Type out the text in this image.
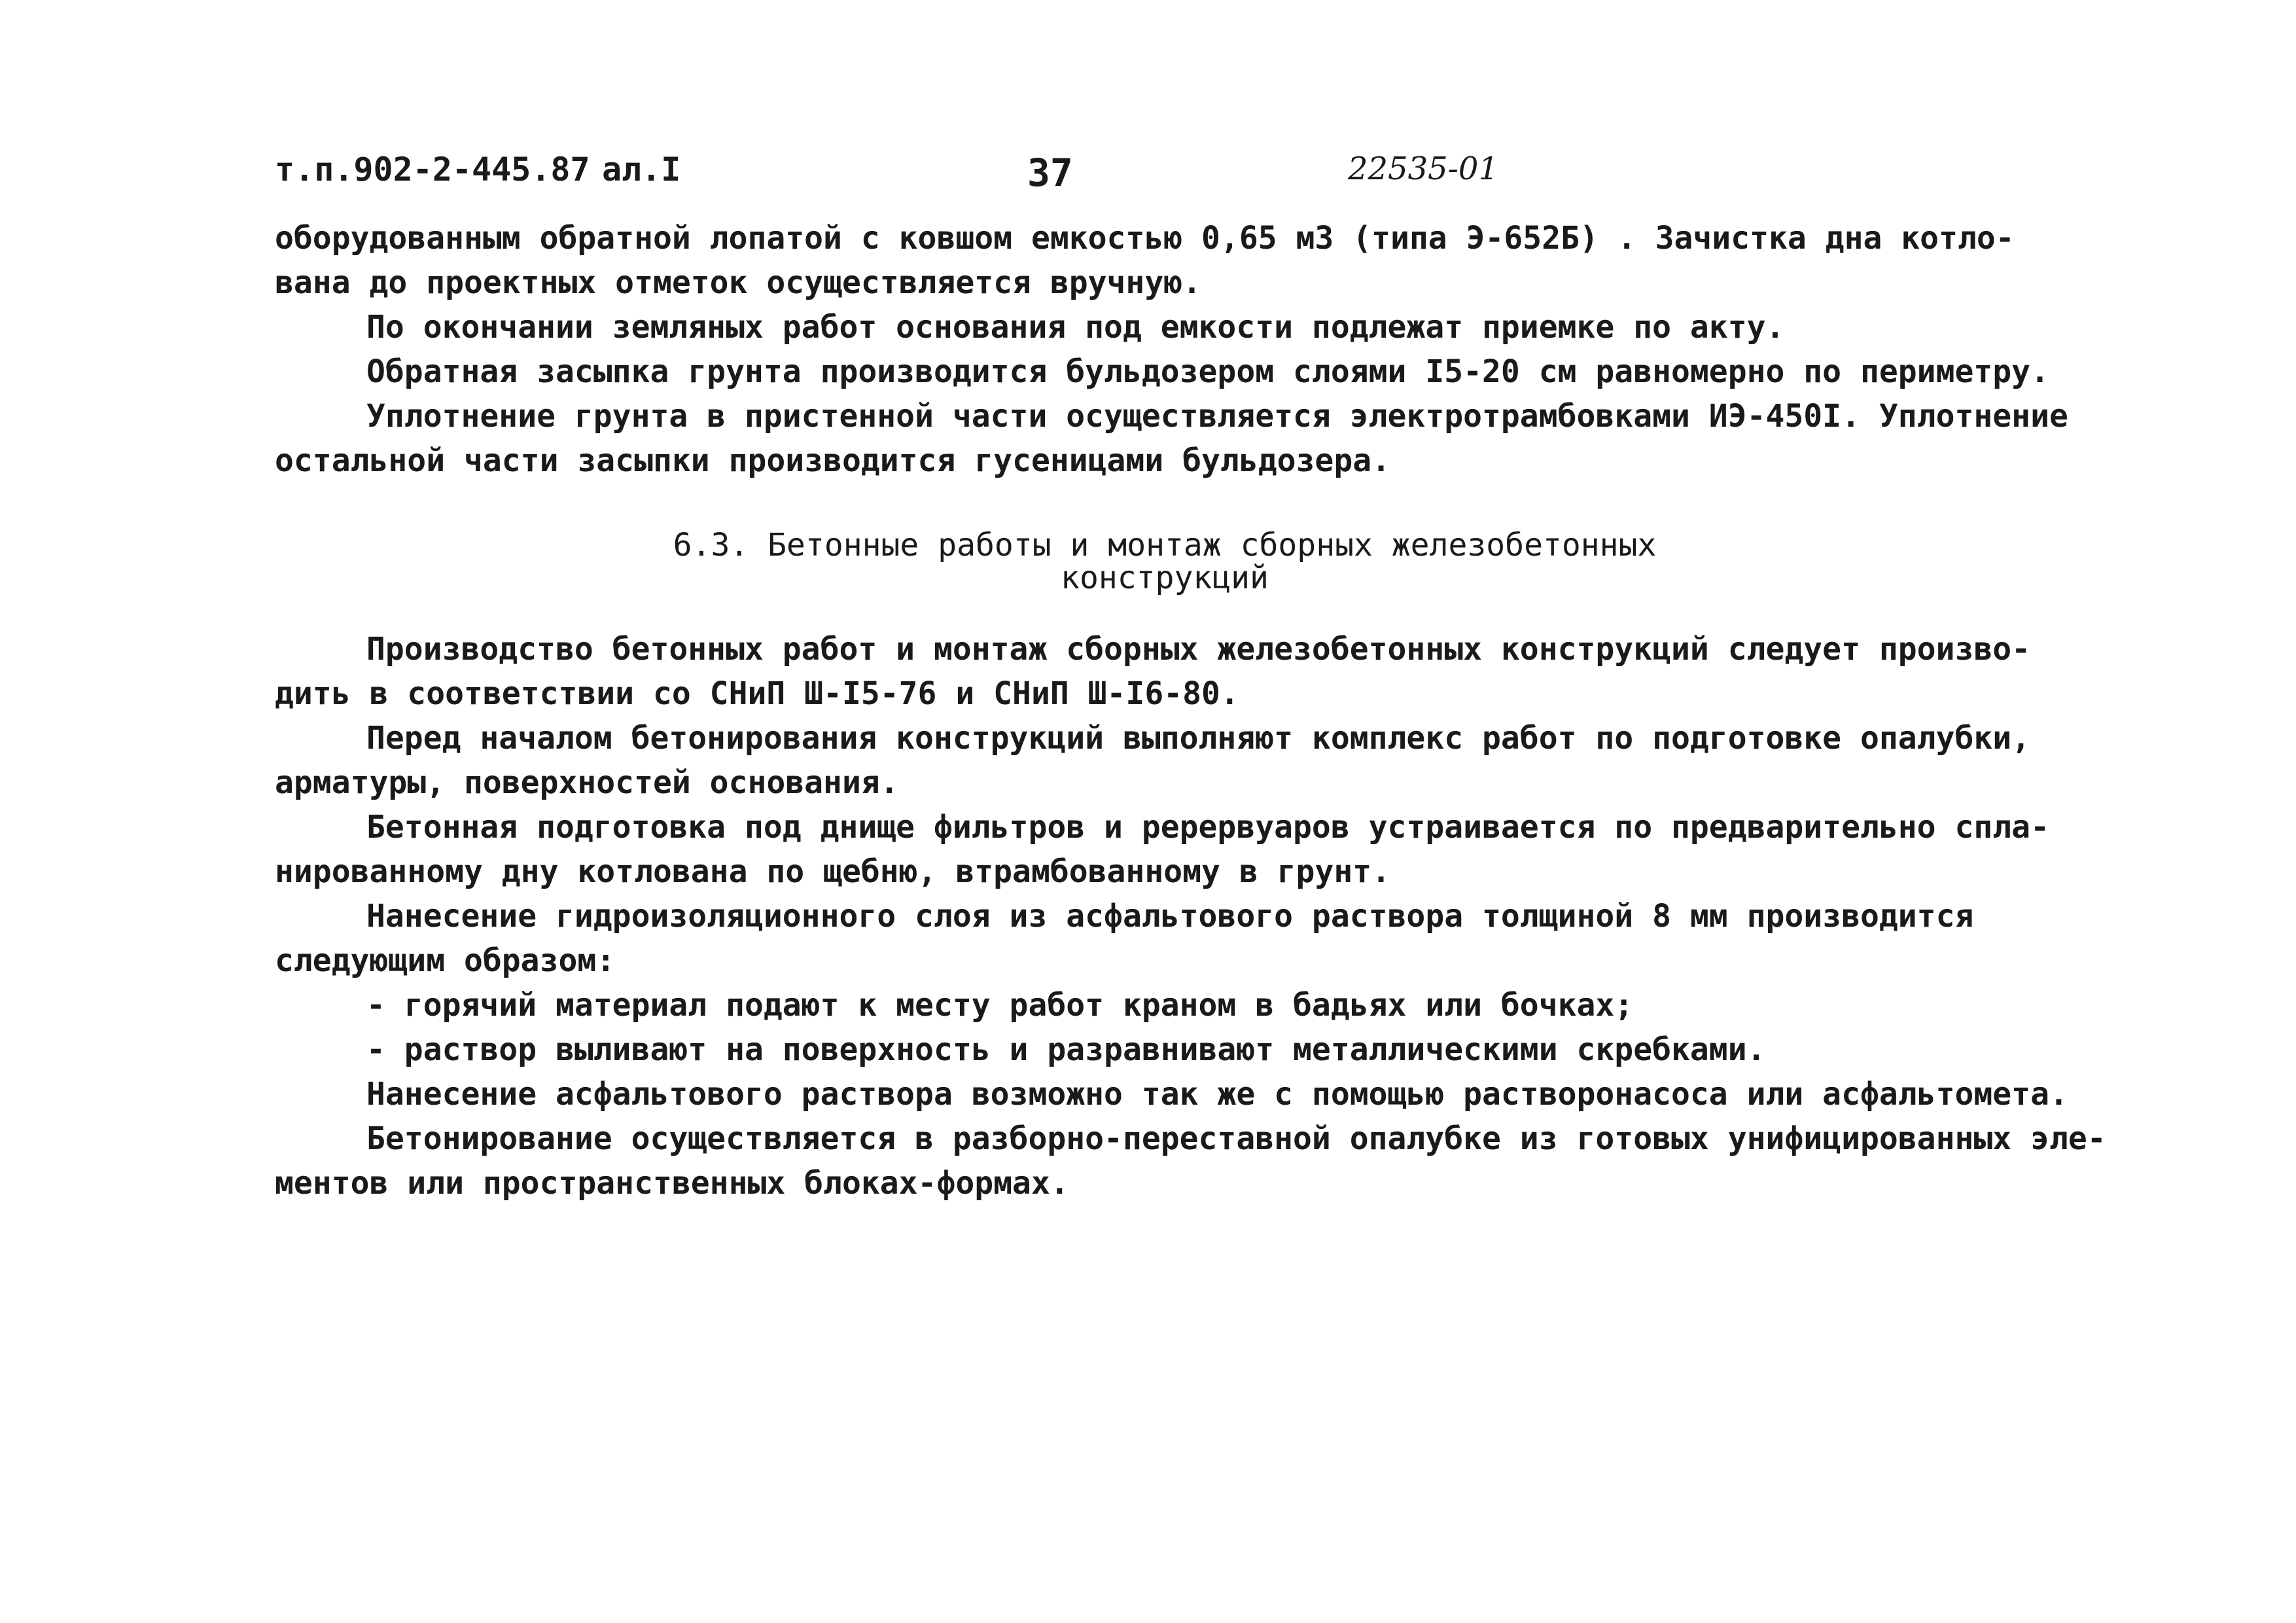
т.п.902-2-445.87 ал.I	37	22535-01
оборудованным обратной лопатой с ковшом емкостью 0,65 м3 (типа Э-652Б) . Зачистка дна котло-
вана до проектных отметок осуществляется вручную.
По окончании земляных работ основания под емкости подлежат приемке по акту.
Обратная засыпка грунта производится бульдозером слоями I5-20 см равномерно по периметру.
Уплотнение грунта в пристенной части осуществляется электротрамбовками ИЭ-450I. Уплотнение
остальной части засыпки производится гусеницами бульдозера.
6.3. Бетонные работы и монтаж сборных железобетонных
конструкций
Производство бетонных работ и монтаж сборных железобетонных конструкций следует произво-
дить в соответствии со СНиП Ш-I5-76 и СНиП Ш-I6-80.
Перед началом бетонирования конструкций выполняют комплекс работ по подготовке опалубки,
арматуры, поверхностей основания.
Бетонная подготовка под днище фильтров и рерервуаров устраивается по предварительно спла-
нированному дну котлована по щебню, втрамбованному в грунт.
Нанесение гидроизоляционного слоя из асфальтового раствора толщиной 8 мм производится
следующим образом:
- горячий материал подают к месту работ краном в бадьях или бочках;
- раствор выливают на поверхность и разравнивают металлическими скребками.
Нанесение асфальтового раствора возможно так же с помощью растворонасоса или асфальтомета.
Бетонирование осуществляется в разборно-переставной опалубке из готовых унифицированных эле-
ментов или пространственных блоках-формах.
